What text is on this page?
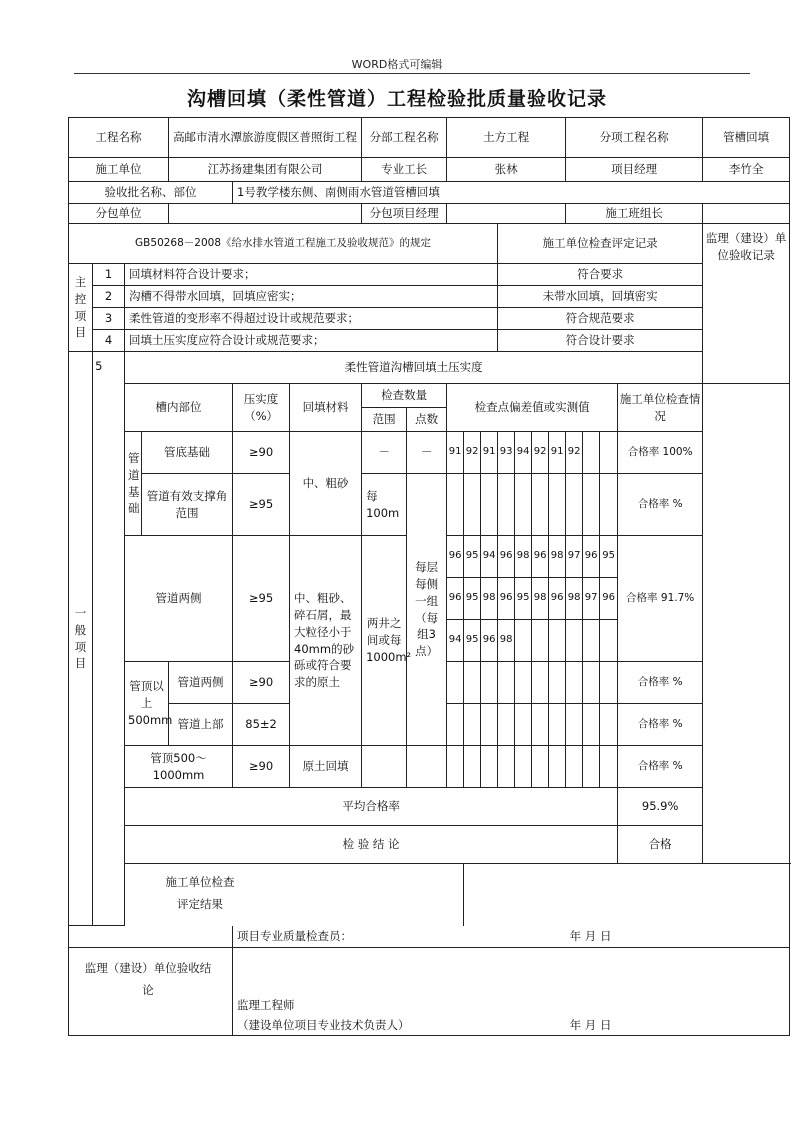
WORD格式可编辑
沟槽回填（柔性管道）工程检验批质量验收记录
工程名称					高邮市清水潭旅游度假区普照街工程			分部工程名称		土方工程							分项工程名称				管槽回填	
施工单位					江苏扬建集团有限公司			专业工长		张林							项目经理				李竹全	
验收批名称、部位						1号教学楼东侧、南侧雨水管道管槽回填																
分包单位								分包项目经理									施工班组长					
GB50268－2008《给水排水管道工程施工及验收规范》的规定													施工单位检查评定记录								监理（建设）单位验收记录	
主控项目	1		回填材料符合设计要求；										符合要求									
	2		沟槽不得带水回填，回填应密实；										未带水回填，回填密实									
	3		柔性管道的变形率不得超过设计或规范要求；										符合规范要求									
	4		回填土压实度应符合设计或规范要求；										符合设计要求									
一般项目	5		柔性管道沟槽回填土压实度																			
			槽内部位			压实度（%）	回填材料	检查数量		检查点偏差值或实测值										施工单位检查情况		
								范围	点数													
			管道基础	管底基础		≥90	中、粗砂	－	－	91	92	91	93	94	92	91	92			合格率 100%		
				管道有效支撑角范围		≥95		每100m	每层每侧一组（每组3点）											合格率 %		
			管道两侧			≥95	中、粗砂、碎石屑，最大粒径小于40mm的砂砾或符合要求的原土	两井之间或每1000m²		96	95	94	96	98	96	98	97	96	95	合格率 91.7%		
										96	95	98	96	95	98	96	98	97	96			
										94	95	96	98									
			管顶以上500mm		管道两侧	≥90														合格率 %		
					管道上部	85±2														合格率 %		
			管顶500～1000mm			≥90	原土回填													合格率 %		
			平均合格率																	95.9%		
			检 验 结 论																	合格		

			施工单位检查评定结果																			

						项目专业质量检查员：											年 月 日					

监理（建设）单位验收结论																						

						监理工程师																
						（建设单位项目专业技术负责人）											年 月 日					
